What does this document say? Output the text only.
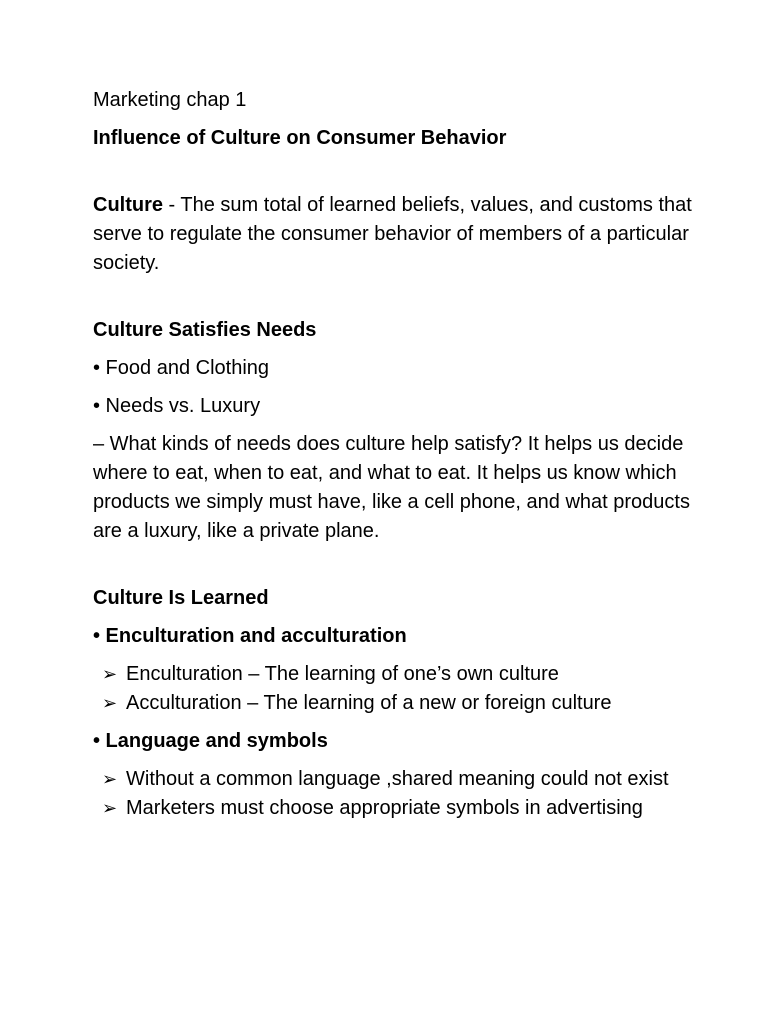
Marketing chap 1

Influence of Culture on Consumer Behavior

Culture - The sum total of learned beliefs, values, and customs that serve to regulate the consumer behavior of members of a particular society.

Culture Satisfies Needs

• Food and Clothing

• Needs vs. Luxury

– What kinds of needs does culture help satisfy? It helps us decide where to eat, when to eat, and what to eat. It helps us know which products we simply must have, like a cell phone, and what products are a luxury, like a private plane.

Culture Is Learned

• Enculturation and acculturation

➢ Enculturation – The learning of one’s own culture
➢ Acculturation – The learning of a new or foreign culture

• Language and symbols

➢ Without a common language ,shared meaning could not exist
➢ Marketers must choose appropriate symbols in advertising
